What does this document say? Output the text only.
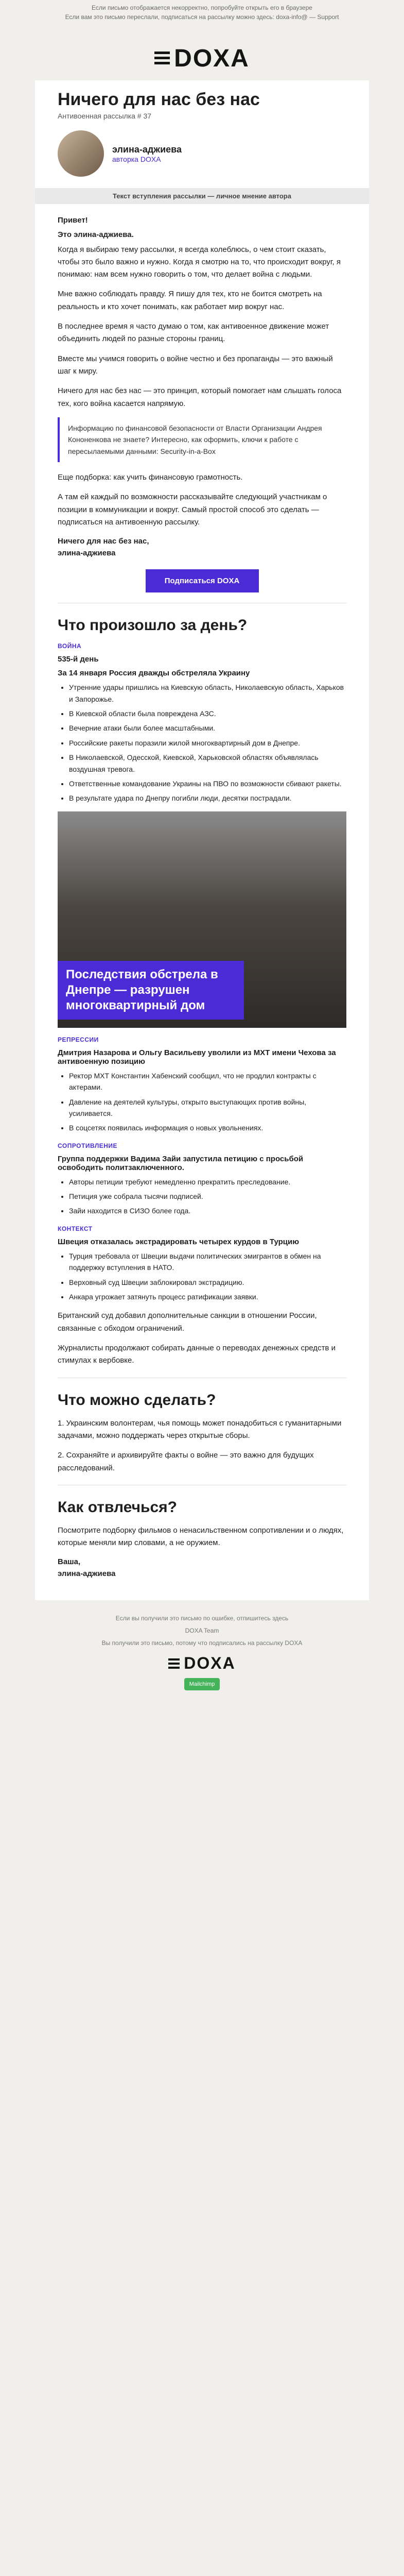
Если письмо отображается некорректно, попробуйте открыть его в браузере
Если вам это письмо переслали, подписаться на рассылку можно здесь: doxa-info@ — Support
DOXA
Ничего для нас без нас
Антивоенная рассылка # 37
элина-аджиева
авторка DOXA
Текст вступления рассылки — личное мнение автора

Привет!

Это элина-аджиева.

Когда я выбираю тему рассылки, я всегда колеблюсь, о чем стоит сказать, чтобы это было важно и нужно. Когда я смотрю на то, что происходит вокруг, я понимаю: нам всем нужно говорить о том, что делает война с людьми.

Мне важно соблюдать правду. Я пишу для тех, кто не боится смотреть на реальность и кто хочет понимать, как работает мир вокруг нас.

В последнее время я часто думаю о том, как антивоенное движение может объединить людей по разные стороны границ.

Вместе мы учимся говорить о войне честно и без пропаганды — это важный шаг к миру.

Ничего для нас без нас — это принцип, который помогает нам слышать голоса тех, кого война касается напрямую.

Информацию по финансовой безопасности от Власти Организации Андрея Кононенкова не знаете? Интересно, как оформить, ключи к работе с пересылаемыми данными: Security-in-a-Box

Еще подборка: как учить финансовую грамотность.

А там ей каждый по возможности рассказывайте следующий участникам о позиции в коммуникации и вокруг. Самый простой способ это сделать — подписаться на антивоенную рассылку.

Ничего для нас без нас,
элина-аджиева
Подписаться DOXA
Что произошло за день?
ВОЙНА
535-й день
За 14 января Россия дважды обстреляла Украину
• Утренние удары пришлись на Киевскую область, Николаевскую область, Харьков и Запорожье.
• В Киевской области была повреждена АЗС.
• Вечерние атаки были более масштабными.
• Российские ракеты поразили жилой многоквартирный дом в Днепре.
• В Николаевской, Одесской, Киевской, Харьковской областях объявлялась воздушная тревога.
• Ответственные командование Украины на ПВО по возможности сбивают ракеты.
• В результате удара по Днепру погибли люди, десятки пострадали.
Последствия обстрела в Днепре — разрушен многоквартирный дом
РЕПРЕССИИ
Дмитрия Назарова и Ольгу Васильеву уволили из МХТ имени Чехова за антивоенную позицию
• Ректор МХТ Константин Хабенский сообщил, что не продлил контракты с актерами.
• Давление на деятелей культуры, открыто выступающих против войны, усиливается.
• В соцсетях появилась информация о новых увольнениях.
СОПРОТИВЛЕНИЕ
Группа поддержки Вадима Зайи запустила петицию с просьбой освободить политзаключенного.
• Авторы петиции требуют немедленно прекратить преследование.
• Петиция уже собрала тысячи подписей.
• Зайи находится в СИЗО более года.
КОНТЕКСТ
Швеция отказалась экстрадировать четырех курдов в Турцию
• Турция требовала от Швеции выдачи политических эмигрантов в обмен на поддержку вступления в НАТО.
• Верховный суд Швеции заблокировал экстрадицию.
• Анкара угрожает затянуть процесс ратификации заявки.

Британский суд добавил дополнительные санкции в отношении России, связанные с обходом ограничений.

Журналисты продолжают собирать данные о переводах денежных средств и стимулах к вербовке.

Что можно сделать?

1. Украинским волонтерам, чья помощь может понадобиться с гуманитарными задачами, можно поддержать через открытые сборы.

2. Сохраняйте и архивируйте факты о войне — это важно для будущих расследований.

Как отвлечься?

Посмотрите подборку фильмов о ненасильственном сопротивлении и о людях, которые меняли мир словами, а не оружием.

Ваша,
элина-аджиева
Если вы получили это письмо по ошибке, отпишитесь здесь
DOXA Team
Вы получили это письмо, потому что подписались на рассылку DOXA
DOXA
Mailchimp
